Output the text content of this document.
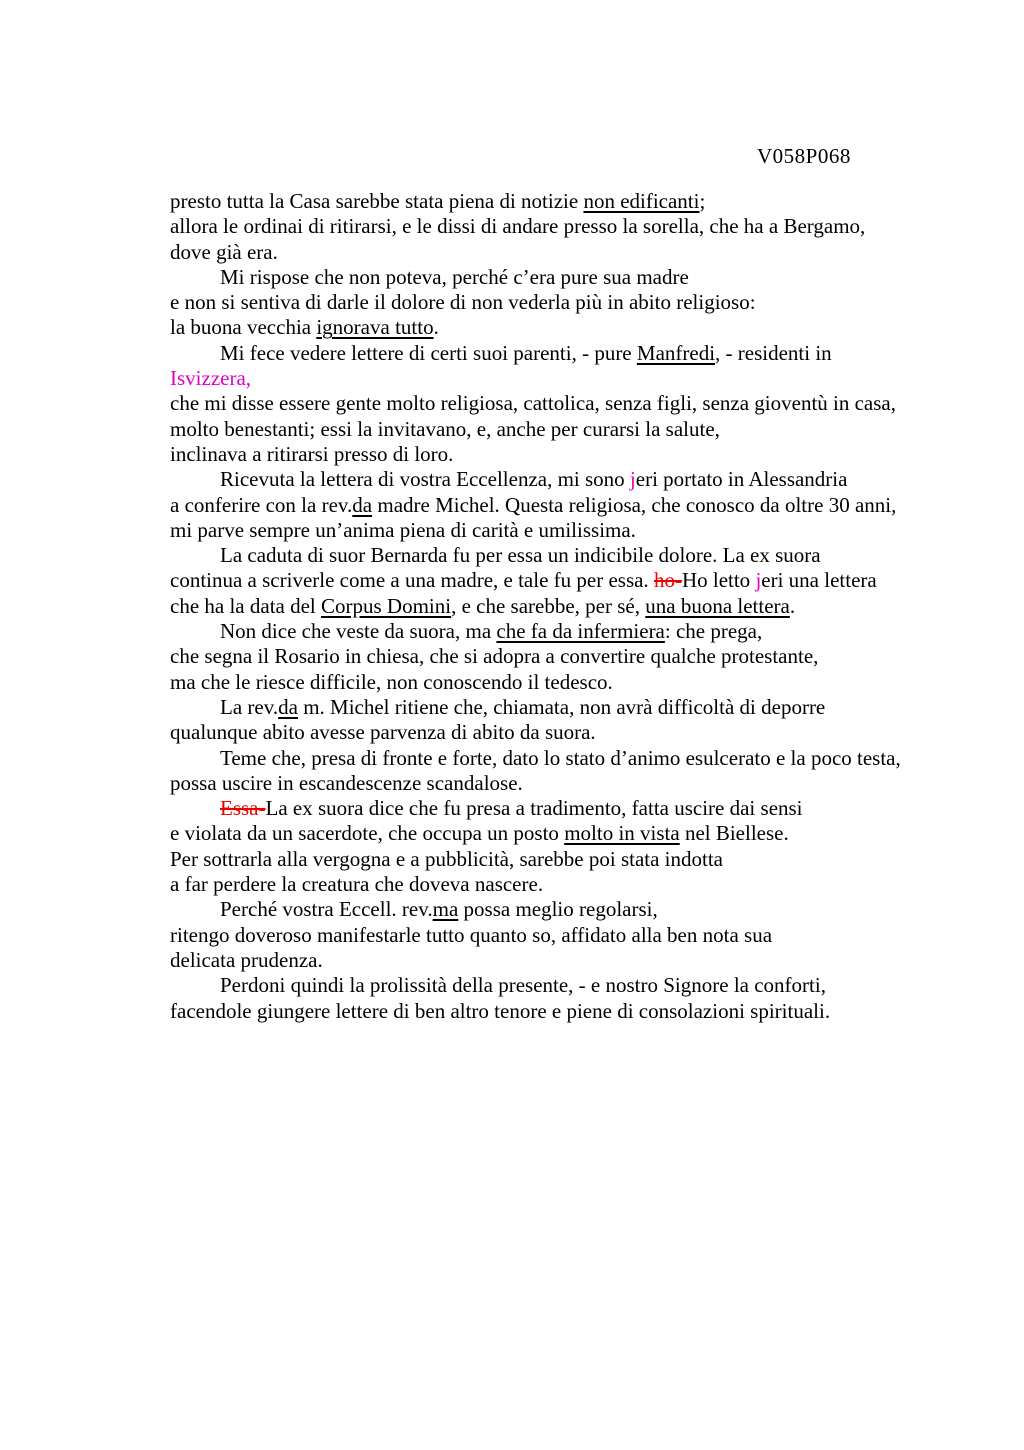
V058P068
presto tutta la Casa sarebbe stata piena di notizie non edificanti;
allora le ordinai di ritirarsi, e le dissi di andare presso la sorella, che ha a Bergamo,
dove già era.
Mi rispose che non poteva, perché c’era pure sua madre
e non si sentiva di darle il dolore di non vederla più in abito religioso:
la buona vecchia ignorava tutto.
Mi fece vedere lettere di certi suoi parenti, - pure Manfredi, - residenti in
Isvizzera,
che mi disse essere gente molto religiosa, cattolica, senza figli, senza gioventù in casa,
molto benestanti; essi la invitavano, e, anche per curarsi la salute,
inclinava a ritirarsi presso di loro.
Ricevuta la lettera di vostra Eccellenza, mi sono jeri portato in Alessandria
a conferire con la rev.da madre Michel. Questa religiosa, che conosco da oltre 30 anni,
mi parve sempre un’anima piena di carità e umilissima.
La caduta di suor Bernarda fu per essa un indicibile dolore. La ex suora
continua a scriverle come a una madre, e tale fu per essa. ho-Ho letto jeri una lettera
che ha la data del Corpus Domini, e che sarebbe, per sé, una buona lettera.
Non dice che veste da suora, ma che fa da infermiera: che prega,
che segna il Rosario in chiesa, che si adopra a convertire qualche protestante,
ma che le riesce difficile, non conoscendo il tedesco.
La rev.da m. Michel ritiene che, chiamata, non avrà difficoltà di deporre
qualunque abito avesse parvenza di abito da suora.
Teme che, presa di fronte e forte, dato lo stato d’animo esulcerato e la poco testa,
possa uscire in escandescenze scandalose.
Essa-La ex suora dice che fu presa a tradimento, fatta uscire dai sensi
e violata da un sacerdote, che occupa un posto molto in vista nel Biellese.
Per sottrarla alla vergogna e a pubblicità, sarebbe poi stata indotta
a far perdere la creatura che doveva nascere.
Perché vostra Eccell. rev.ma possa meglio regolarsi,
ritengo doveroso manifestarle tutto quanto so, affidato alla ben nota sua
delicata prudenza.
Perdoni quindi la prolissità della presente, - e nostro Signore la conforti,
facendole giungere lettere di ben altro tenore e piene di consolazioni spirituali.
